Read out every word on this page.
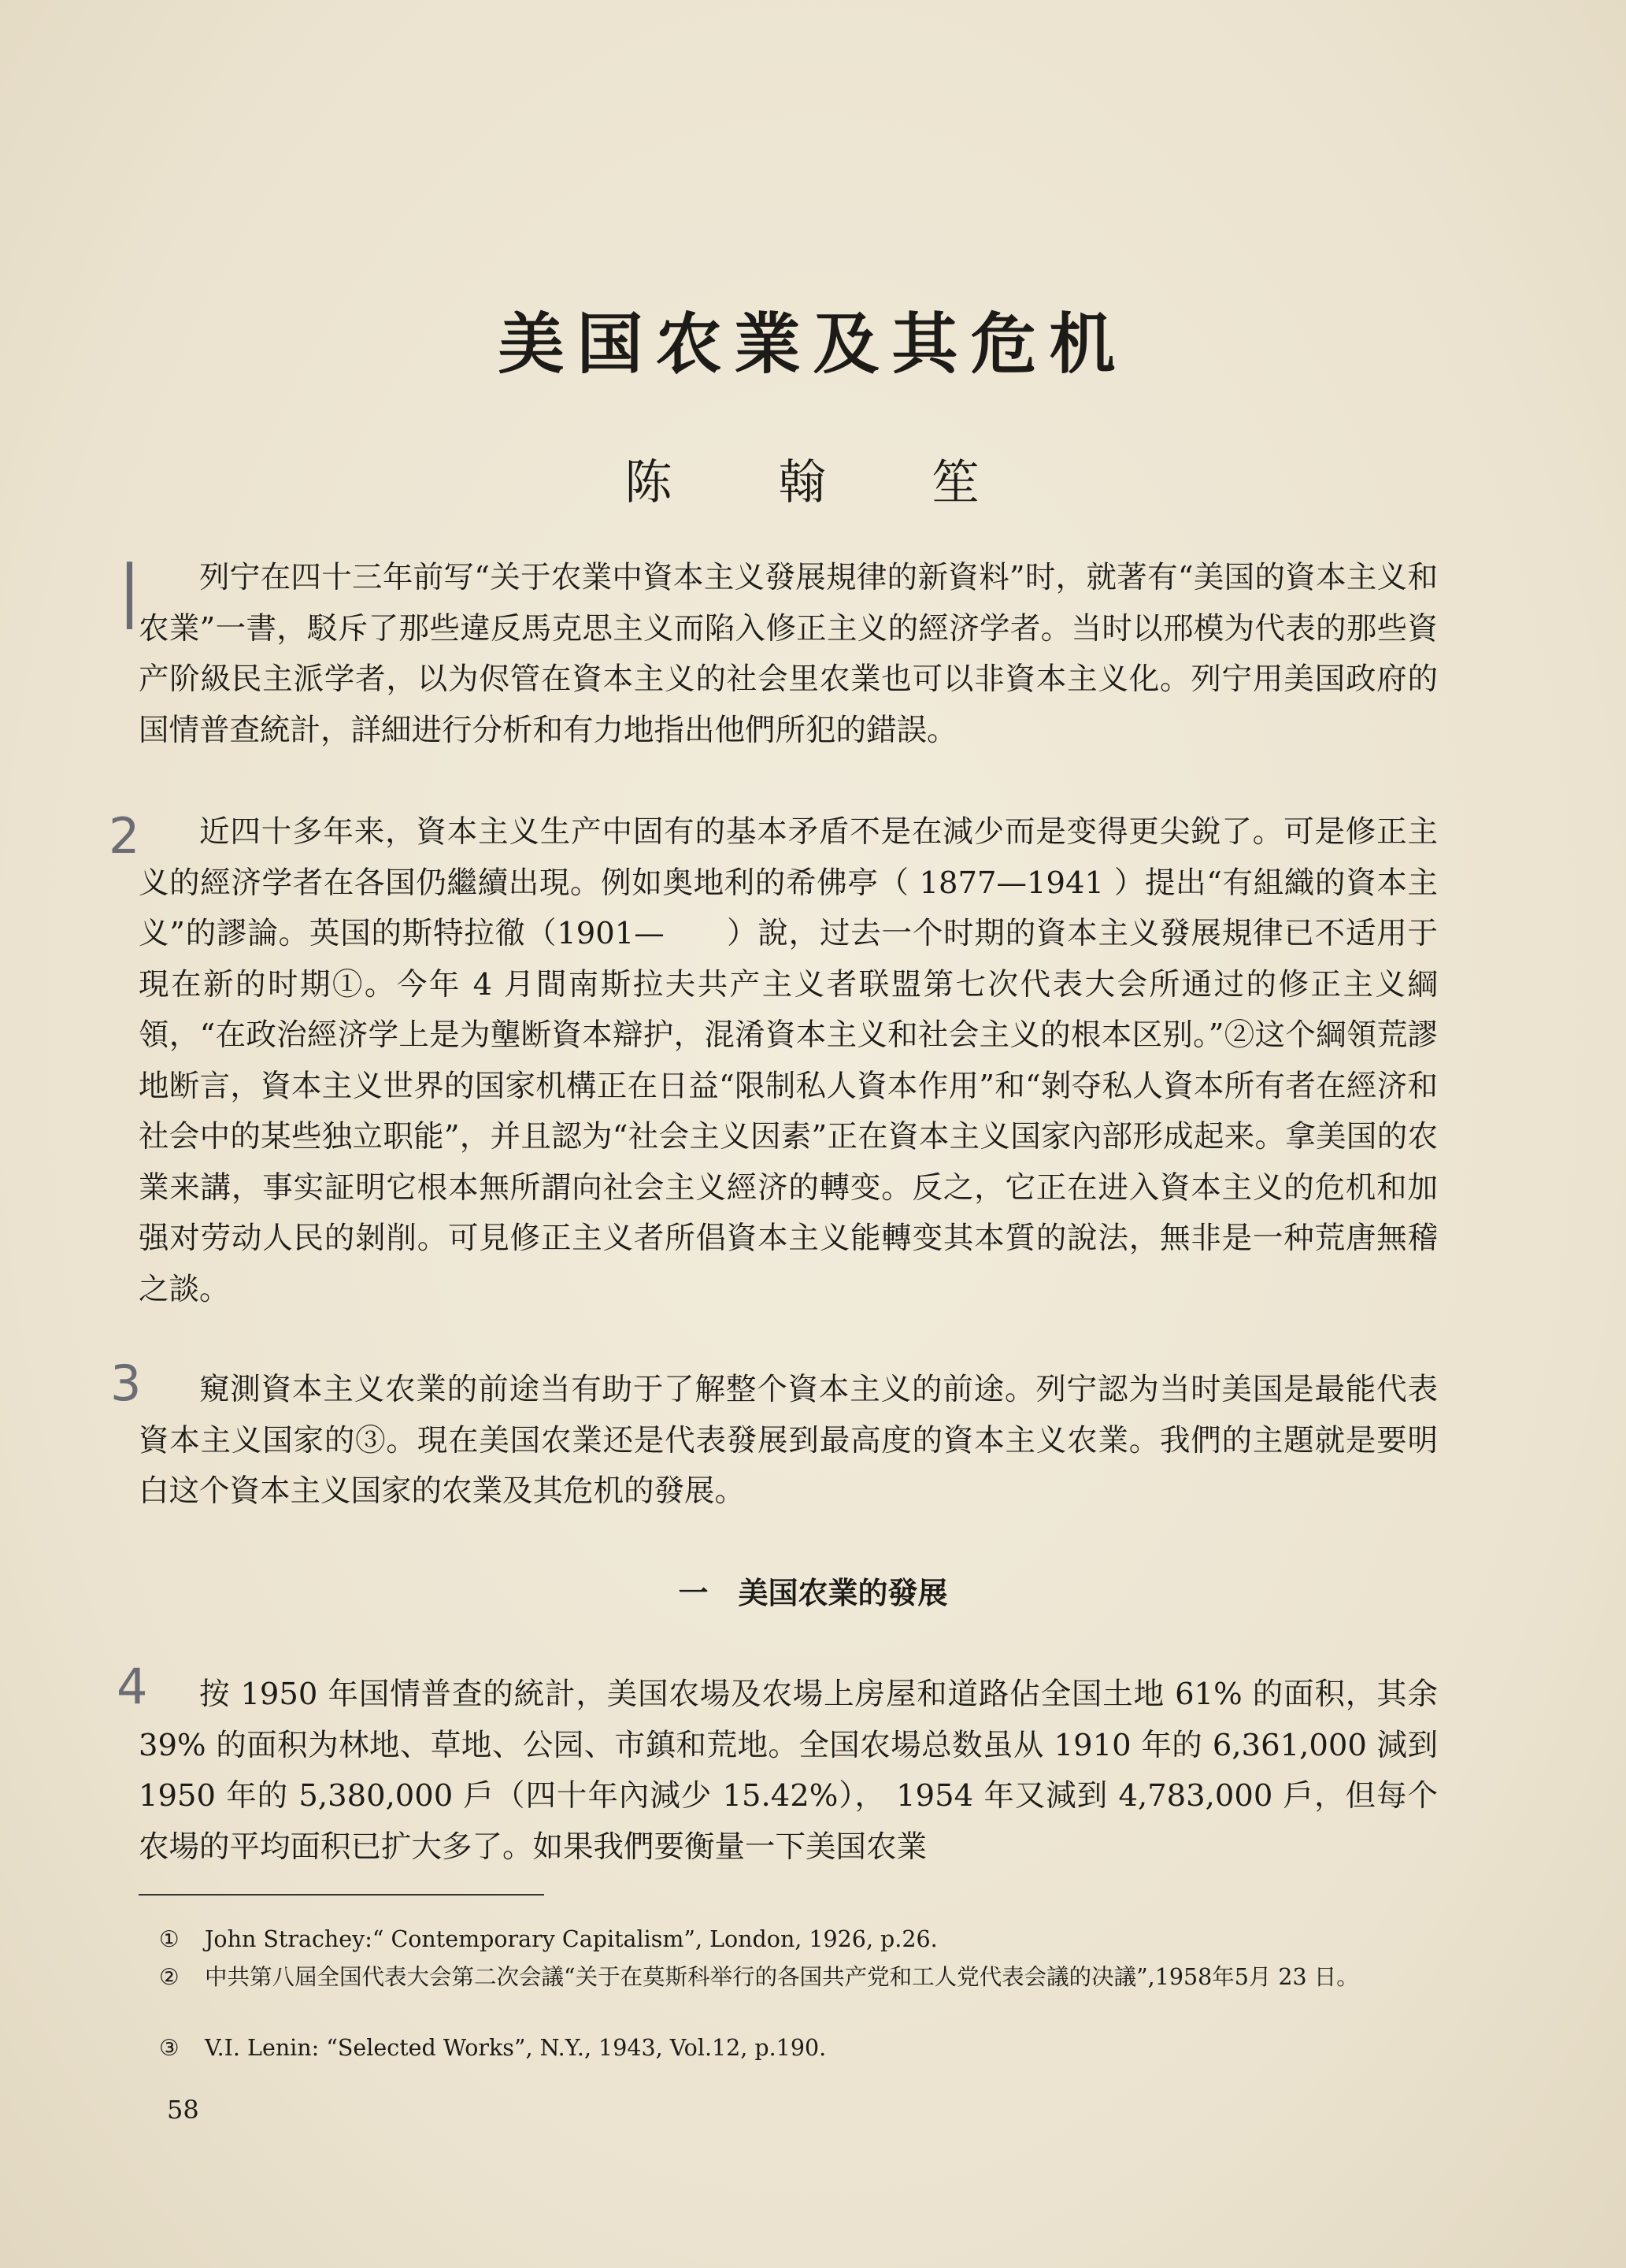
美国农業及其危机
陈 翰 笙
|	列宁在四十三年前写“关于农業中資本主义發展規律的新資料”时，就著有“美国的資本主义和农業”一書，駁斥了那些違反馬克思主义而陷入修正主义的經济学者。当时以邢模为代表的那些資产阶級民主派学者，以为侭管在資本主义的社会里农業也可以非資本主义化。列宁用美国政府的国情普查統計，詳細进行分析和有力地指出他們所犯的錯誤。

2	近四十多年来，資本主义生产中固有的基本矛盾不是在減少而是变得更尖銳了。可是修正主义的經济学者在各国仍繼續出現。例如奥地利的希佛亭（ 1877—1941 ）提出“有組織的資本主义”的謬論。英国的斯特拉徹（1901—　　）說，过去一个时期的資本主义發展規律已不适用于現在新的时期①。今年 4 月間南斯拉夫共产主义者联盟第七次代表大会所通过的修正主义綱領，“在政治經济学上是为壟断資本辯护，混淆資本主义和社会主义的根本区别。”②这个綱領荒謬地断言，資本主义世界的国家机構正在日益“限制私人資本作用”和“剝夺私人資本所有者在經济和社会中的某些独立职能”，并且認为“社会主义因素”正在資本主义国家內部形成起来。拿美国的农業来講，事实証明它根本無所謂向社会主义經济的轉变。反之，它正在进入資本主义的危机和加强对劳动人民的剝削。可見修正主义者所倡資本主义能轉变其本質的說法，無非是一种荒唐無稽之談。

3	窺測資本主义农業的前途当有助于了解整个資本主义的前途。列宁認为当时美国是最能代表資本主义国家的③。現在美国农業还是代表發展到最高度的資本主义农業。我們的主題就是要明白这个資本主义国家的农業及其危机的發展。

一　美国农業的發展
4	按 1950 年国情普查的統計，美国农場及农場上房屋和道路佔全国土地 61% 的面积，其余 39% 的面积为林地、草地、公园、市鎮和荒地。全国农場总数虽从 1910 年的 6,361,000 減到 1950 年的 5,380,000 戶（四十年內減少 15.42%）， 1954 年又減到 4,783,000 戶，但每个农場的平均面积已扩大多了。如果我們要衡量一下美国农業

① John Strachey:“ Contemporary Capitalism”, London, 1926, p.26.

② 中共第八屆全国代表大会第二次会議“关于在莫斯科举行的各国共产党和工人党代表会議的决議”,1958年5月 23 日。

③ V.I. Lenin: “Selected Works”, N.Y., 1943, Vol.12, p.190.

58
